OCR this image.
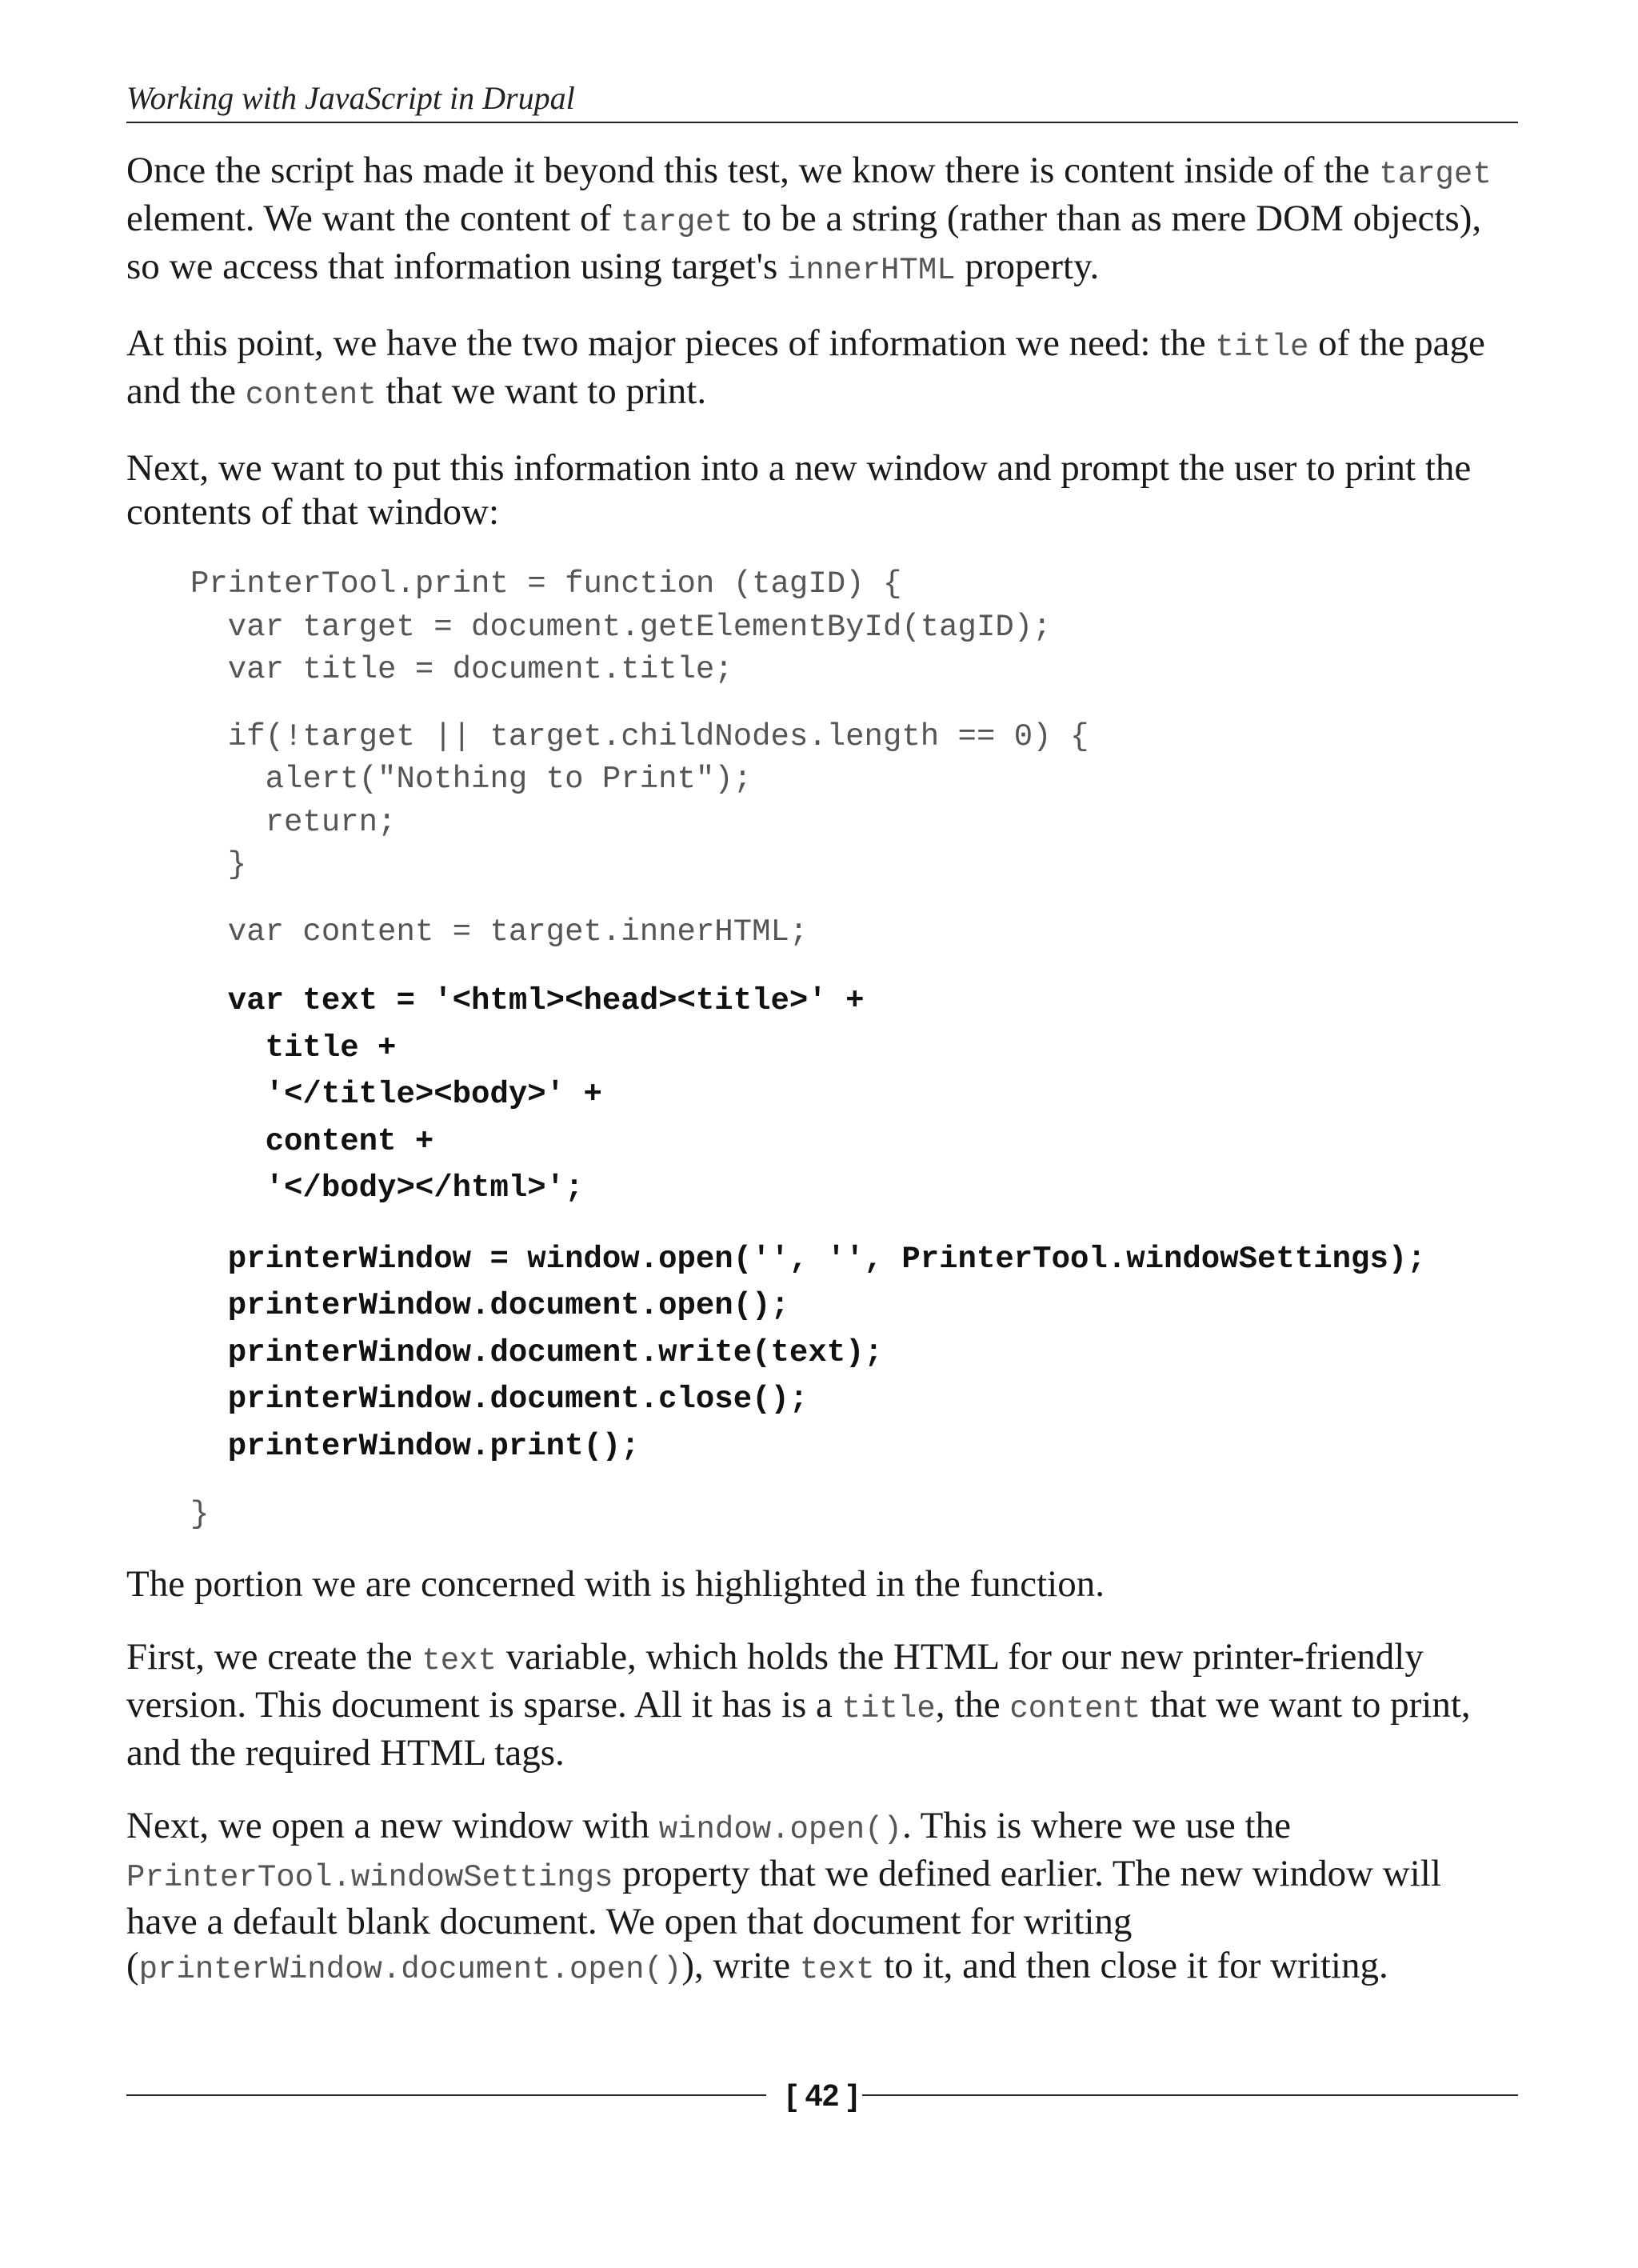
Working with JavaScript in Drupal

Once the script has made it beyond this test, we know there is content inside of the target element. We want the content of target to be a string (rather than as mere DOM objects), so we access that information using target's innerHTML property.

At this point, we have the two major pieces of information we need: the title of the page and the content that we want to print.

Next, we want to put this information into a new window and prompt the user to print the contents of that window:

PrinterTool.print = function (tagID) {
var target = document.getElementById(tagID);
var title = document.title;
if(!target || target.childNodes.length == 0) {
alert("Nothing to Print");
return;
}
var content = target.innerHTML;
var text = '<html><head><title>' +
title +
'</title><body>' +
content +
'</body></html>';
printerWindow = window.open('', '', PrinterTool.windowSettings);
printerWindow.document.open();
printerWindow.document.write(text);
printerWindow.document.close();
printerWindow.print();
}

The portion we are concerned with is highlighted in the function.

First, we create the text variable, which holds the HTML for our new printer-friendly version. This document is sparse. All it has is a title, the content that we want to print, and the required HTML tags.

Next, we open a new window with window.open(). This is where we use the PrinterTool.windowSettings property that we defined earlier. The new window will have a default blank document. We open that document for writing (printerWindow.document.open()), write text to it, and then close it for writing.

[ 42 ]
